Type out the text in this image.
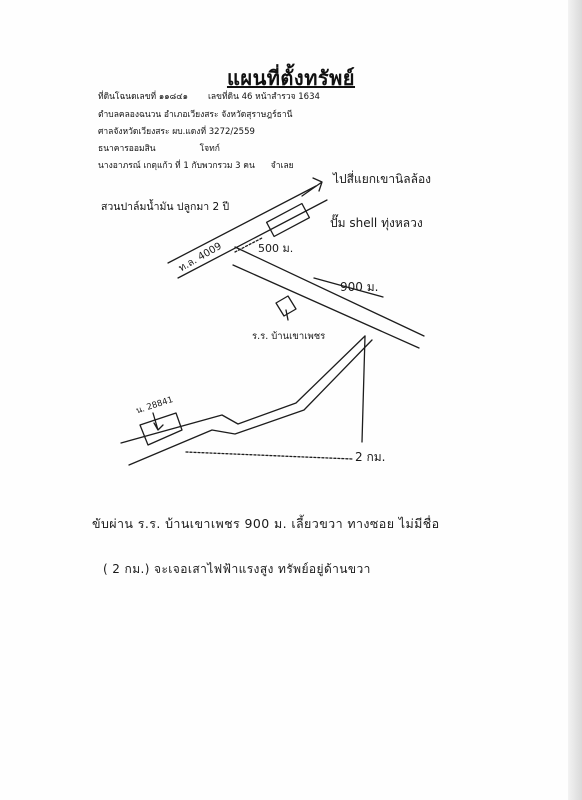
แผนที่ตั้งทรัพย์
ที่ดินโฉนดเลขที่ ๑๑๘๔๑ เลขที่ดิน 46 หน้าสำรวจ 1634
ตำบลคลองฉนวน อำเภอเวียงสระ จังหวัดสุราษฎร์ธานี
ศาลจังหวัดเวียงสระ ผบ.แดงที่ 3272/2559
ธนาคารออมสิน	โจทก์
นางอาภรณ์ เกตุแก้ว ที่ 1 กับพวกรวม 3 คน จำเลย
สวนปาล์มน้ำมัน ปลูกมา 2 ปี
ไปสี่แยกเขานิลล้อง
ปั๊ม shell ทุ่งหลวง
500 ม.
ท.ล. 4009
900 ม.
ร.ร. บ้านเขาเพชร
น. 28841
2 กม.
ขับผ่าน ร.ร. บ้านเขาเพชร 900 ม. เลี้ยวขวา ทางซอย ไม่มีชื่อ
( 2 กม.) จะเจอเสาไฟฟ้าแรงสูง ทรัพย์อยู่ด้านขวา
